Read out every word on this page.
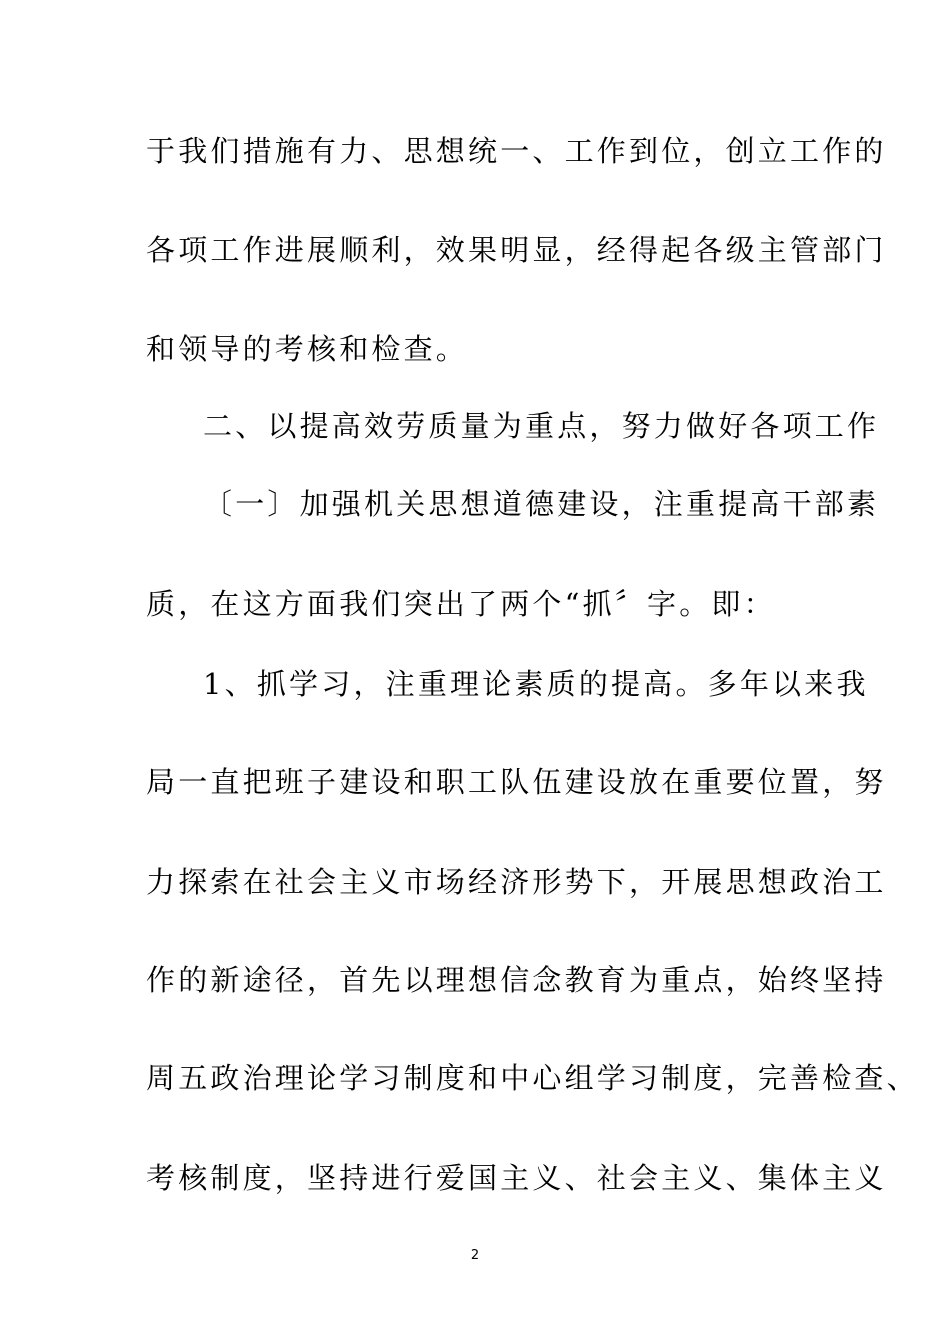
于我们措施有力、思想统一、工作到位，创立工作的
各项工作进展顺利，效果明显，经得起各级主管部门
和领导的考核和检查。
二、以提高效劳质量为重点，努力做好各项工作
〔一〕加强机关思想道德建设，注重提高干部素
质，在这方面我们突出了两个“抓〞字。即：
1、抓学习，注重理论素质的提高。多年以来我
局一直把班子建设和职工队伍建设放在重要位置，努
力探索在社会主义市场经济形势下，开展思想政治工
作的新途径，首先以理想信念教育为重点，始终坚持
周五政治理论学习制度和中心组学习制度，完善检查、
考核制度，坚持进行爱国主义、社会主义、集体主义
2
